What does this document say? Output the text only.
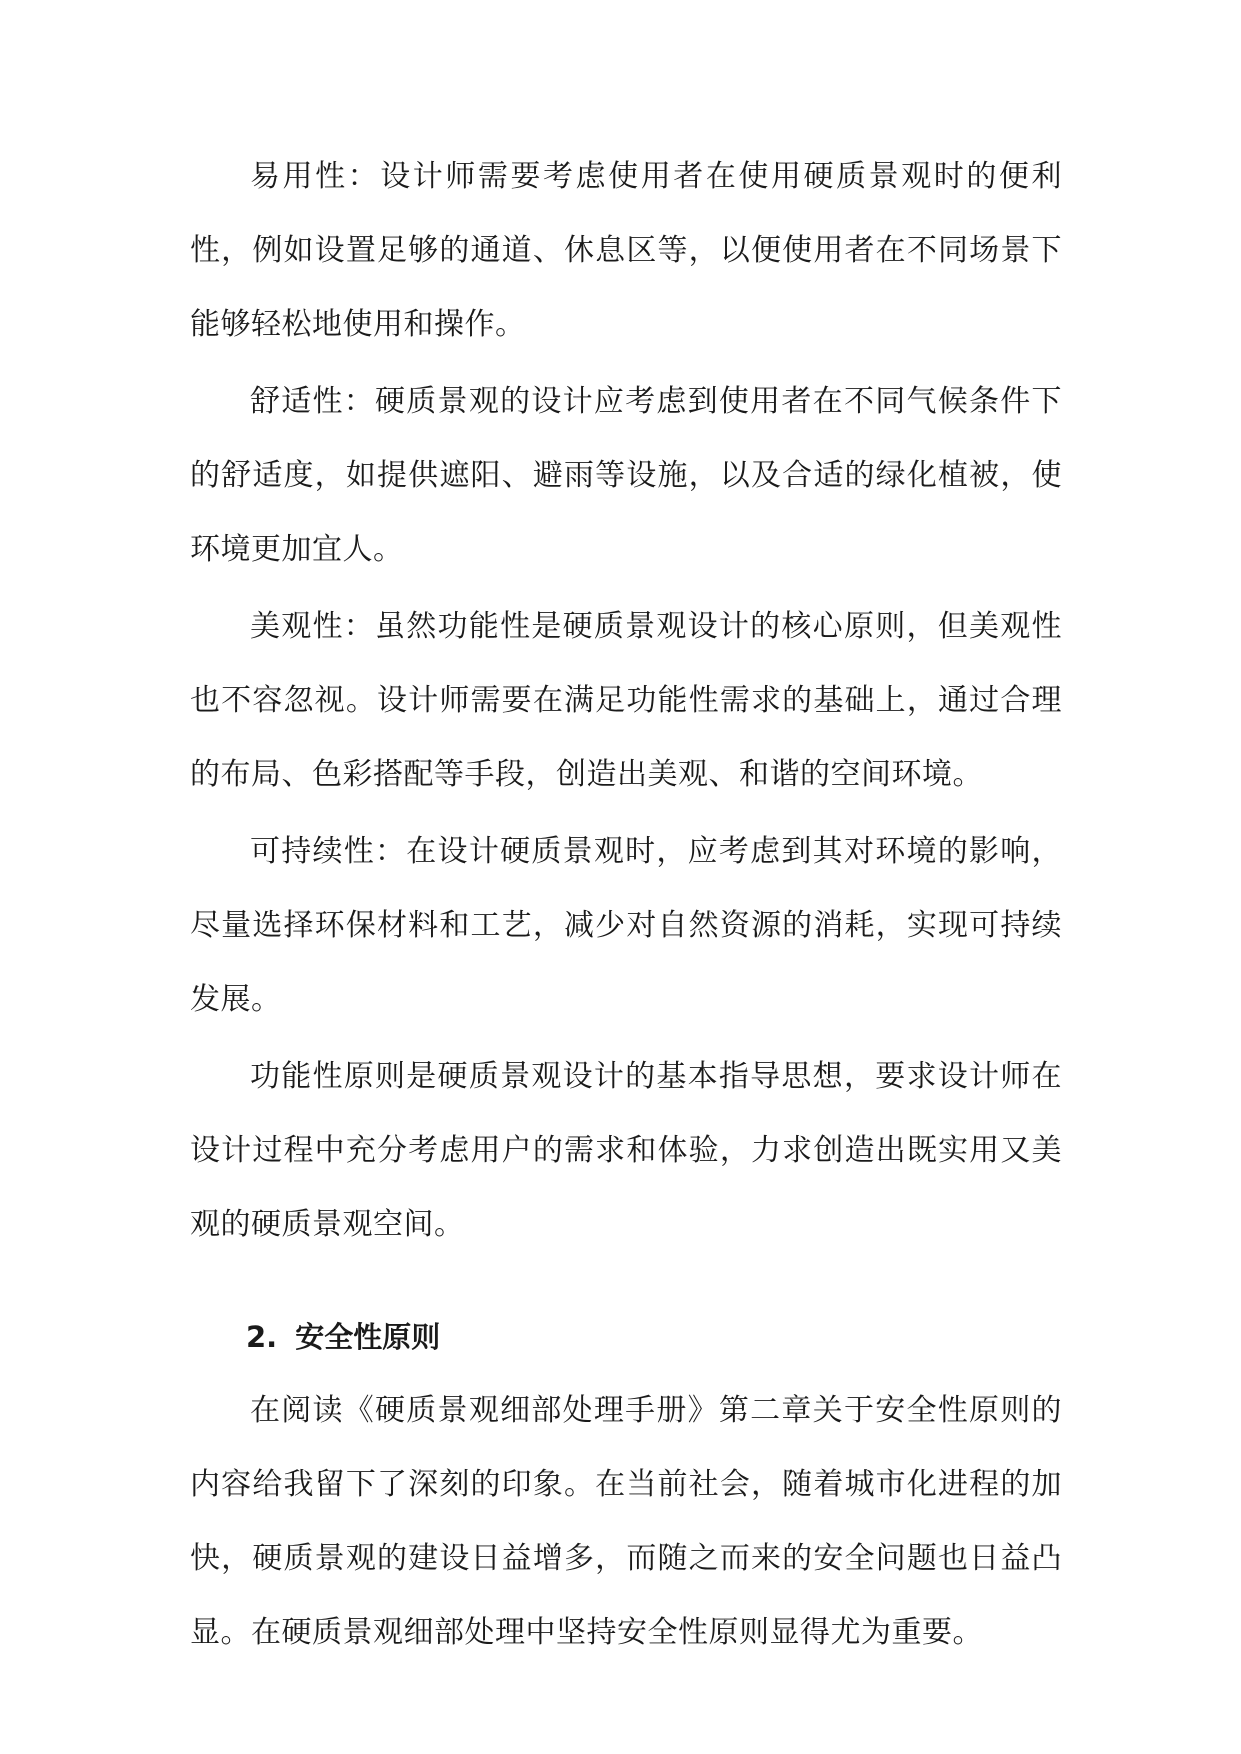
易用性：设计师需要考虑使用者在使用硬质景观时的便利性，例如设置足够的通道、休息区等，以便使用者在不同场景下能够轻松地使用和操作。

舒适性：硬质景观的设计应考虑到使用者在不同气候条件下的舒适度，如提供遮阳、避雨等设施，以及合适的绿化植被，使环境更加宜人。

美观性：虽然功能性是硬质景观设计的核心原则，但美观性也不容忽视。设计师需要在满足功能性需求的基础上，通过合理的布局、色彩搭配等手段，创造出美观、和谐的空间环境。

可持续性：在设计硬质景观时，应考虑到其对环境的影响，尽量选择环保材料和工艺，减少对自然资源的消耗，实现可持续发展。

功能性原则是硬质景观设计的基本指导思想，要求设计师在设计过程中充分考虑用户的需求和体验，力求创造出既实用又美观的硬质景观空间。

2. 安全性原则

在阅读《硬质景观细部处理手册》第二章关于安全性原则的内容给我留下了深刻的印象。在当前社会，随着城市化进程的加快，硬质景观的建设日益增多，而随之而来的安全问题也日益凸显。在硬质景观细部处理中坚持安全性原则显得尤为重要。
